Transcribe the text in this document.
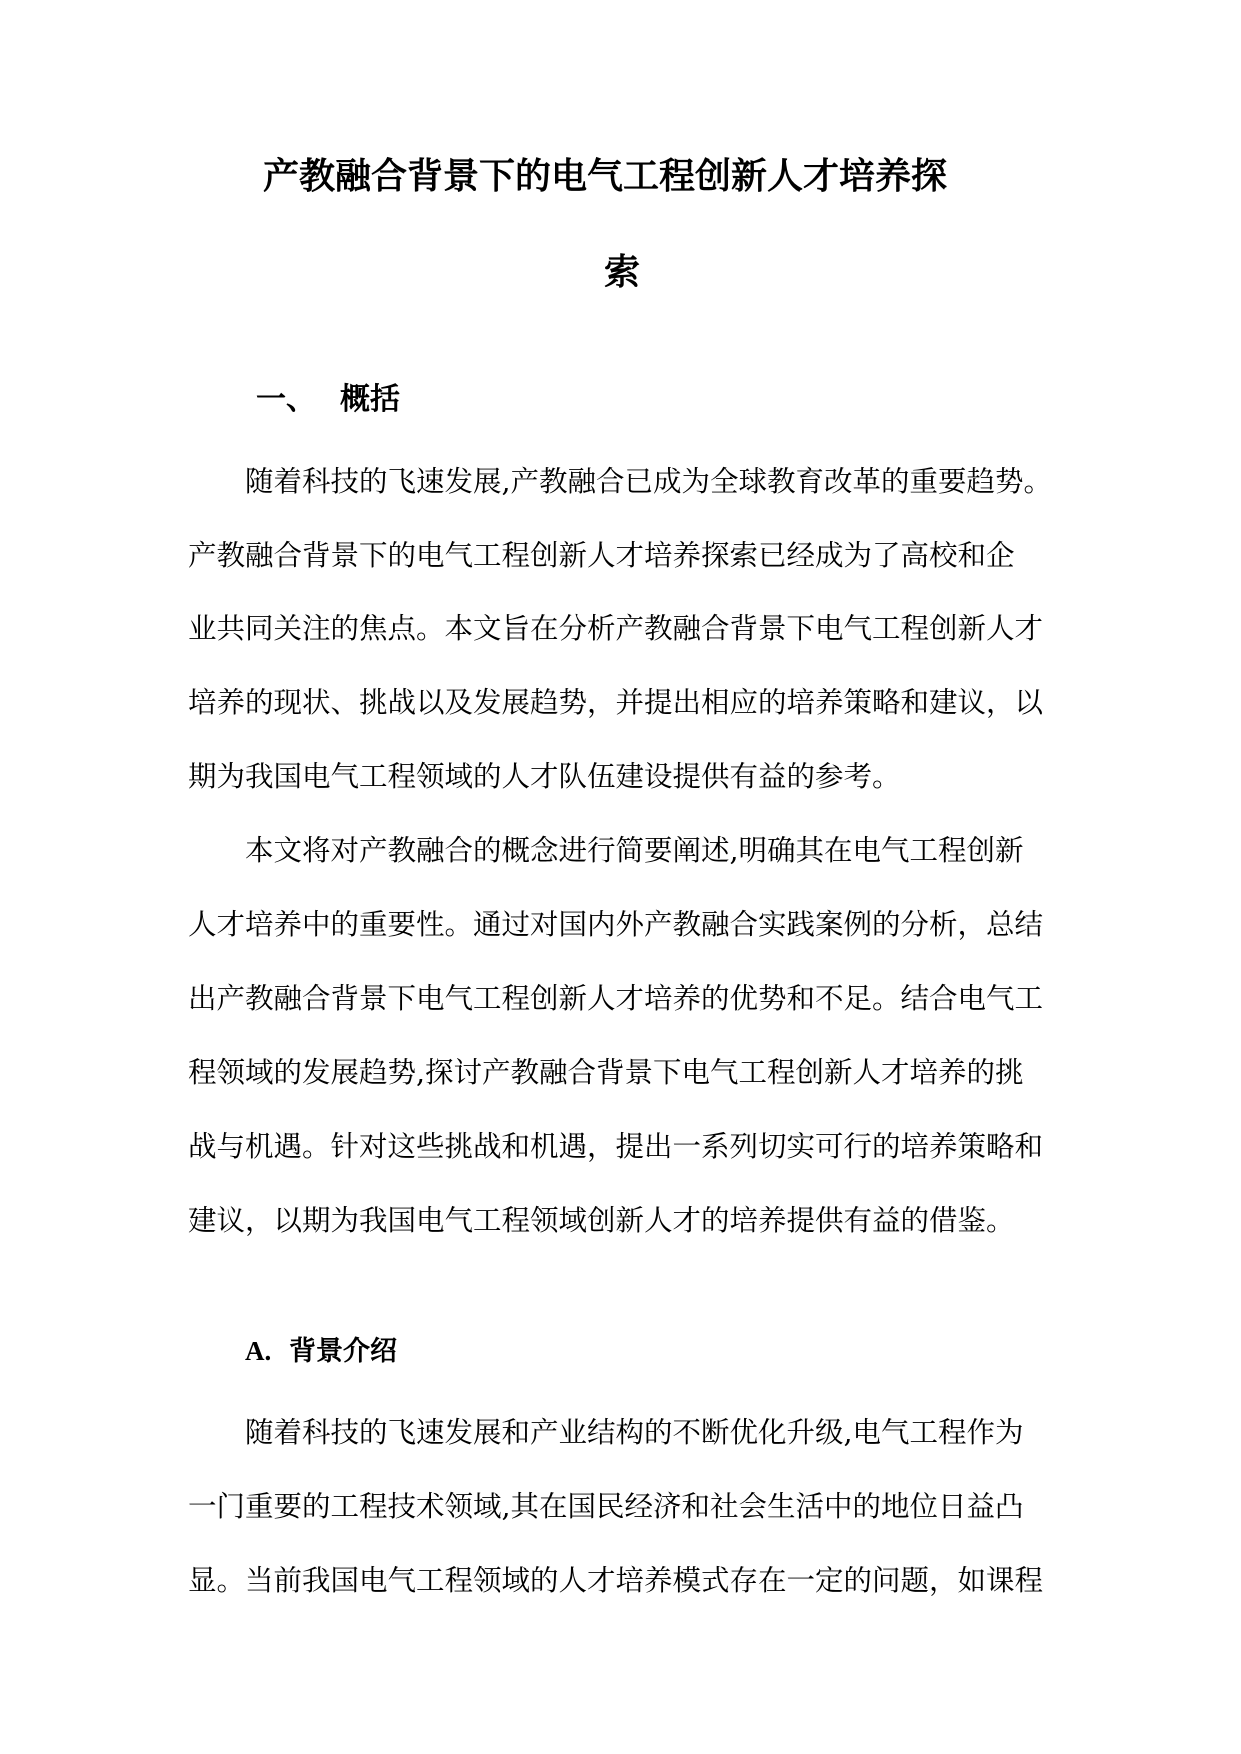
产教融合背景下的电气工程创新人才培养探
索
一、 概括

随着科技的飞速发展,产教融合已成为全球教育改革的重要趋势。

产教融合背景下的电气工程创新人才培养探索已经成为了高校和企

业共同关注的焦点。本文旨在分析产教融合背景下电气工程创新人才

培养的现状、挑战以及发展趋势，并提出相应的培养策略和建议，以

期为我国电气工程领域的人才队伍建设提供有益的参考。

本文将对产教融合的概念进行简要阐述,明确其在电气工程创新

人才培养中的重要性。通过对国内外产教融合实践案例的分析，总结

出产教融合背景下电气工程创新人才培养的优势和不足。结合电气工

程领域的发展趋势,探讨产教融合背景下电气工程创新人才培养的挑

战与机遇。针对这些挑战和机遇，提出一系列切实可行的培养策略和

建议，以期为我国电气工程领域创新人才的培养提供有益的借鉴。

A. 背景介绍

随着科技的飞速发展和产业结构的不断优化升级,电气工程作为

一门重要的工程技术领域,其在国民经济和社会生活中的地位日益凸

显。当前我国电气工程领域的人才培养模式存在一定的问题，如课程
